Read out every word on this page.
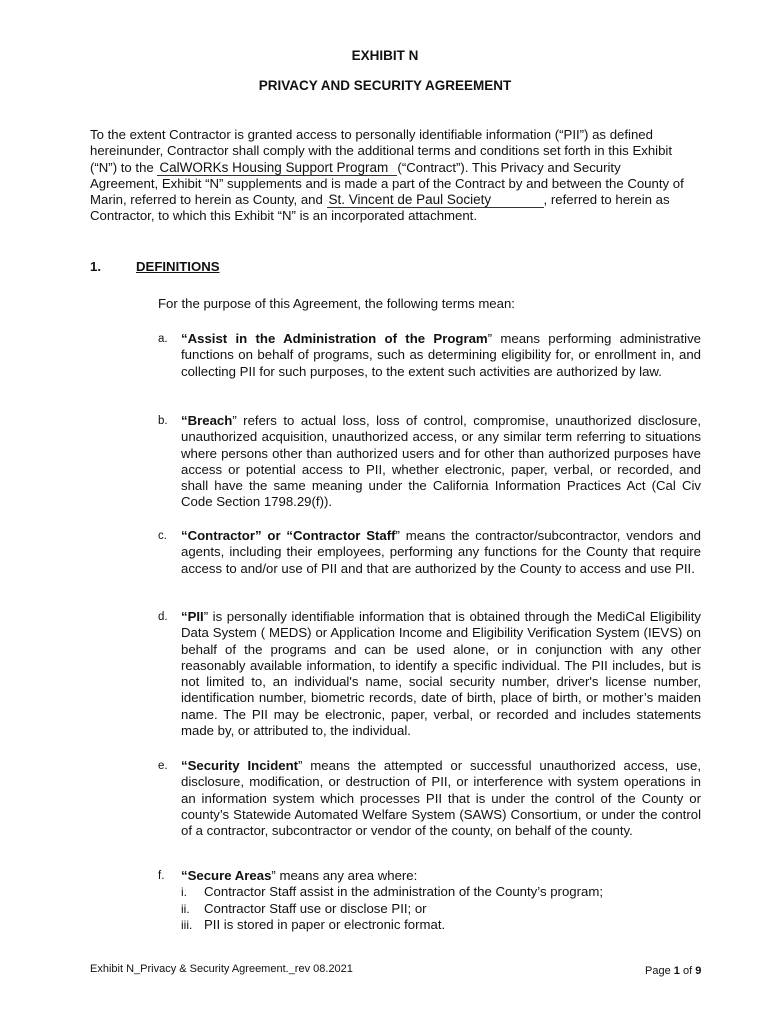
EXHIBIT N
PRIVACY AND SECURITY AGREEMENT
To the extent Contractor is granted access to personally identifiable information (“PII”) as defined hereinunder, Contractor shall comply with the additional terms and conditions set forth in this Exhibit (“N”) to the CalWORKs Housing Support Program (“Contract”). This Privacy and Security Agreement, Exhibit “N” supplements and is made a part of the Contract by and between the County of Marin, referred to herein as County, and St. Vincent de Paul Society	, referred to herein as Contractor, to which this Exhibit “N” is an incorporated attachment.
1.	DEFINITIONS
For the purpose of this Agreement, the following terms mean:
a. “Assist in the Administration of the Program” means performing administrative functions on behalf of programs, such as determining eligibility for, or enrollment in, and collecting PII for such purposes, to the extent such activities are authorized by law.
b. “Breach” refers to actual loss, loss of control, compromise, unauthorized disclosure, unauthorized acquisition, unauthorized access, or any similar term referring to situations where persons other than authorized users and for other than authorized purposes have access or potential access to PII, whether electronic, paper, verbal, or recorded, and shall have the same meaning under the California Information Practices Act (Cal Civ Code Section 1798.29(f)).
c. “Contractor” or “Contractor Staff” means the contractor/subcontractor, vendors and agents, including their employees, performing any functions for the County that require access to and/or use of PII and that are authorized by the County to access and use PII.
d. “PII” is personally identifiable information that is obtained through the MediCal Eligibility Data System ( MEDS) or Application Income and Eligibility Verification System (IEVS) on behalf of the programs and can be used alone, or in conjunction with any other reasonably available information, to identify a specific individual. The PII includes, but is not limited to, an individual's name, social security number, driver's license number, identification number, biometric records, date of birth, place of birth, or mother’s maiden name. The PII may be electronic, paper, verbal, or recorded and includes statements made by, or attributed to, the individual.
e. “Security Incident” means the attempted or successful unauthorized access, use, disclosure, modification, or destruction of PII, or interference with system operations in an information system which processes PII that is under the control of the County or county’s Statewide Automated Welfare System (SAWS) Consortium, or under the control of a contractor, subcontractor or vendor of the county, on behalf of the county.
f. “Secure Areas” means any area where:
i. Contractor Staff assist in the administration of the County’s program;
ii. Contractor Staff use or disclose PII; or
iii. PII is stored in paper or electronic format.
Exhibit N_Privacy & Security Agreement._rev 08.2021	Page 1 of 9
